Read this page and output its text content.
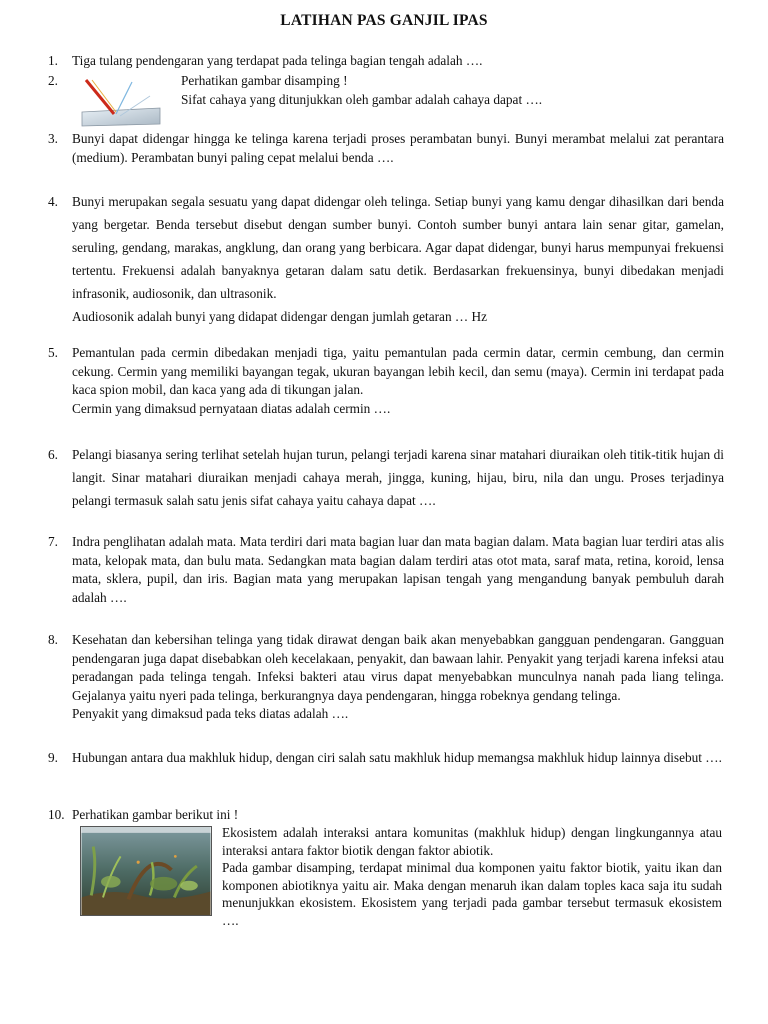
LATIHAN PAS GANJIL IPAS
1.	Tiga tulang pendengaran yang terdapat pada telinga bagian tengah adalah ….

2.	Perhatikan gambar disamping !

Sifat cahaya yang ditunjukkan oleh gambar adalah cahaya dapat ….

3.	Bunyi dapat didengar hingga ke telinga karena terjadi proses perambatan bunyi. Bunyi merambat melalui zat perantara (medium). Perambatan bunyi paling cepat melalui benda ….

4.	Bunyi merupakan segala sesuatu yang dapat didengar oleh telinga. Setiap bunyi yang kamu dengar dihasilkan dari benda yang bergetar. Benda tersebut disebut dengan sumber bunyi. Contoh sumber bunyi antara lain senar gitar, gamelan, seruling, gendang, marakas, angklung, dan orang yang berbicara. Agar dapat didengar, bunyi harus mempunyai frekuensi tertentu. Frekuensi adalah banyaknya getaran dalam satu detik. Berdasarkan frekuensinya, bunyi dibedakan menjadi infrasonik, audiosonik, dan ultrasonik.

Audiosonik adalah bunyi yang didapat didengar dengan jumlah getaran … Hz

5.	Pemantulan pada cermin dibedakan menjadi tiga, yaitu pemantulan pada cermin datar, cermin cembung, dan cermin cekung. Cermin yang memiliki bayangan tegak, ukuran bayangan lebih kecil, dan semu (maya). Cermin ini terdapat pada kaca spion mobil, dan kaca yang ada di tikungan jalan.

Cermin yang dimaksud pernyataan diatas adalah cermin ….

6.	Pelangi biasanya sering terlihat setelah hujan turun, pelangi terjadi karena sinar matahari diuraikan oleh titik-titik hujan di langit. Sinar matahari diuraikan menjadi cahaya merah, jingga, kuning, hijau, biru, nila dan ungu. Proses terjadinya pelangi termasuk salah satu jenis sifat cahaya yaitu cahaya dapat ….

7.	Indra penglihatan adalah mata. Mata terdiri dari mata bagian luar dan mata bagian dalam. Mata bagian luar terdiri atas alis mata, kelopak mata, dan bulu mata. Sedangkan mata bagian dalam terdiri atas otot mata, saraf mata, retina, koroid, lensa mata, sklera, pupil, dan iris. Bagian mata yang merupakan lapisan tengah yang mengandung banyak pembuluh darah adalah ….

8.	Kesehatan dan kebersihan telinga yang tidak dirawat dengan baik akan menyebabkan gangguan pendengaran. Gangguan pendengaran juga dapat disebabkan oleh kecelakaan, penyakit, dan bawaan lahir. Penyakit yang terjadi karena infeksi atau peradangan pada telinga tengah. Infeksi bakteri atau virus dapat menyebabkan munculnya nanah pada liang telinga. Gejalanya yaitu nyeri pada telinga, berkurangnya daya pendengaran, hingga robeknya gendang telinga.

Penyakit yang dimaksud pada teks diatas adalah ….

9.	Hubungan antara dua makhluk hidup, dengan ciri salah satu makhluk hidup memangsa makhluk hidup lainnya disebut ….

10. Perhatikan gambar berikut ini !

Ekosistem adalah interaksi antara komunitas (makhluk hidup) dengan lingkungannya atau interaksi antara faktor biotik dengan faktor abiotik.

Pada gambar disamping, terdapat minimal dua komponen yaitu faktor biotik, yaitu ikan dan komponen abiotiknya yaitu air. Maka dengan menaruh ikan dalam toples kaca saja itu sudah menunjukkan ekosistem. Ekosistem yang terjadi pada gambar tersebut termasuk ekosistem ….
